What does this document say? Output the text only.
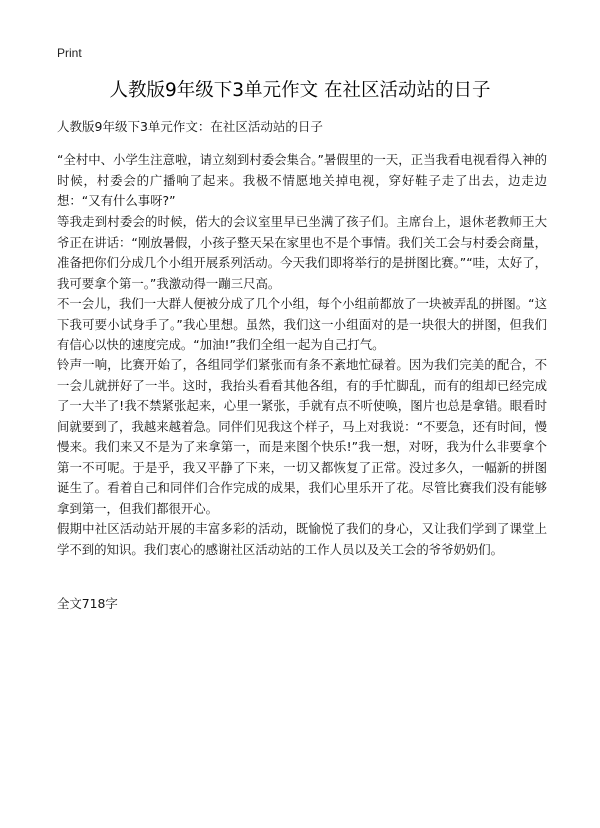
Print
人教版9年级下3单元作文 在社区活动站的日子
人教版9年级下3单元作文：在社区活动站的日子

“全村中、小学生注意啦，请立刻到村委会集合。”暑假里的一天，正当我看电视看得入神的时候，村委会的广播响了起来。我极不情愿地关掉电视，穿好鞋子走了出去，边走边想：“又有什么事呀?”

等我走到村委会的时候，偌大的会议室里早已坐满了孩子们。主席台上，退休老教师王大爷正在讲话：“刚放暑假，小孩子整天呆在家里也不是个事情。我们关工会与村委会商量，准备把你们分成几个小组开展系列活动。今天我们即将举行的是拼图比赛。”“哇，太好了，我可要拿个第一。”我激动得一蹦三尺高。

不一会儿，我们一大群人便被分成了几个小组，每个小组前都放了一块被弄乱的拼图。“这下我可要小试身手了。”我心里想。虽然，我们这一小组面对的是一块很大的拼图，但我们有信心以快的速度完成。“加油!”我们全组一起为自己打气。

铃声一响，比赛开始了，各组同学们紧张而有条不紊地忙碌着。因为我们完美的配合，不一会儿就拼好了一半。这时，我抬头看看其他各组，有的手忙脚乱，而有的组却已经完成了一大半了!我不禁紧张起来，心里一紧张，手就有点不听使唤，图片也总是拿错。眼看时间就要到了，我越来越着急。同伴们见我这个样子，马上对我说：“不要急，还有时间，慢慢来。我们来又不是为了来拿第一，而是来图个快乐!”我一想，对呀，我为什么非要拿个第一不可呢。于是乎，我又平静了下来，一切又都恢复了正常。没过多久，一幅新的拼图诞生了。看着自己和同伴们合作完成的成果，我们心里乐开了花。尽管比赛我们没有能够拿到第一，但我们都很开心。

假期中社区活动站开展的丰富多彩的活动，既愉悦了我们的身心，又让我们学到了课堂上学不到的知识。我们衷心的感谢社区活动站的工作人员以及关工会的爷爷奶奶们。

全文718字
